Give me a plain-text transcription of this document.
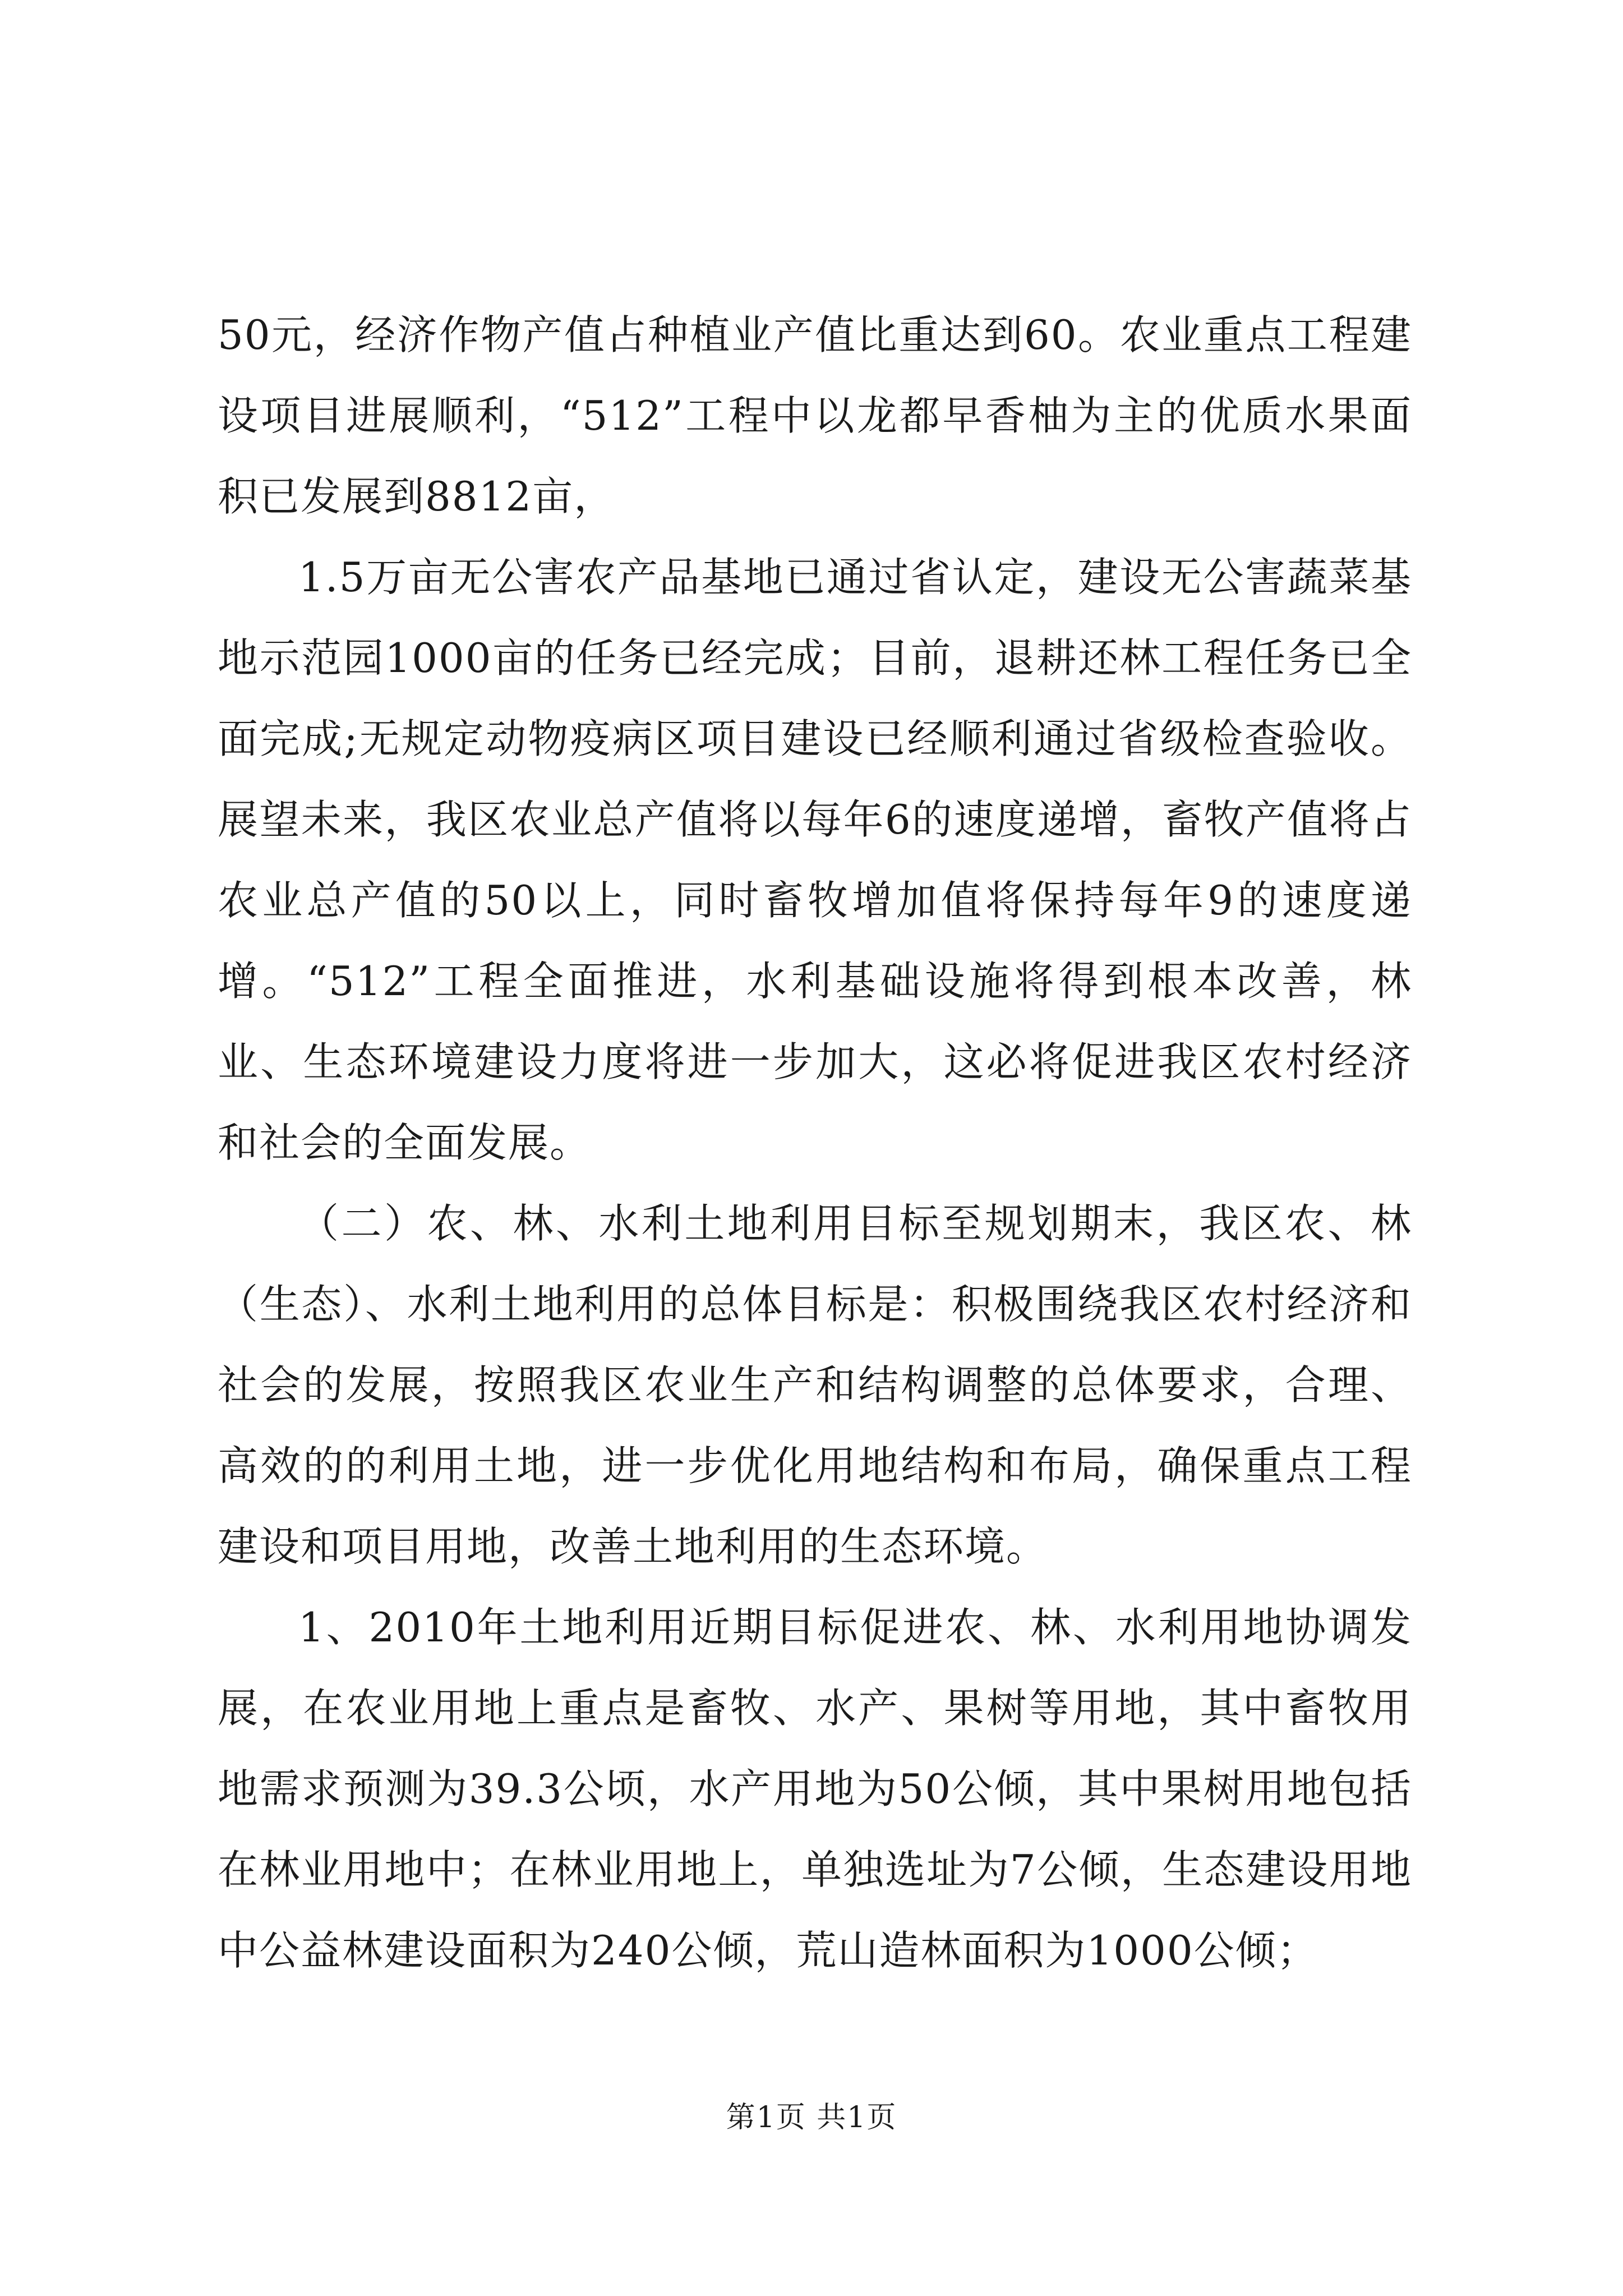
50元，经济作物产值占种植业产值比重达到60。农业重点工程建设项目进展顺利，“512”工程中以龙都早香柚为主的优质水果面积已发展到8812亩，

1.5万亩无公害农产品基地已通过省认定，建设无公害蔬菜基地示范园1000亩的任务已经完成；目前，退耕还林工程任务已全面完成;无规定动物疫病区项目建设已经顺利通过省级检查验收。展望未来，我区农业总产值将以每年6的速度递增，畜牧产值将占农业总产值的50以上，同时畜牧增加值将保持每年9的速度递增。“512”工程全面推进，水利基础设施将得到根本改善，林业、生态环境建设力度将进一步加大，这必将促进我区农村经济和社会的全面发展。

（二）农、林、水利土地利用目标至规划期末，我区农、林（生态）、水利土地利用的总体目标是：积极围绕我区农村经济和社会的发展，按照我区农业生产和结构调整的总体要求，合理、高效的的利用土地，进一步优化用地结构和布局，确保重点工程建设和项目用地，改善土地利用的生态环境。

1、2010年土地利用近期目标促进农、林、水利用地协调发展，在农业用地上重点是畜牧、水产、果树等用地，其中畜牧用地需求预测为39.3公顷，水产用地为50公倾，其中果树用地包括在林业用地中；在林业用地上，单独选址为7公倾，生态建设用地中公益林建设面积为240公倾，荒山造林面积为1000公倾；

第1页 共1页
